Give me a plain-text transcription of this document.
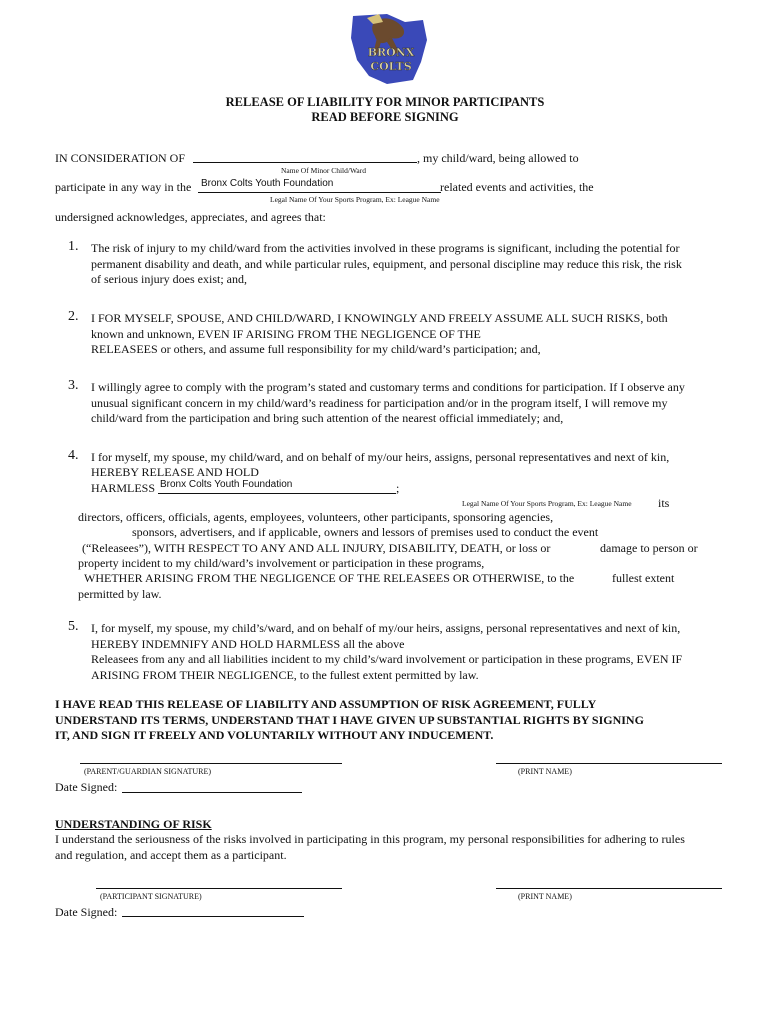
BRONX
COLTS
RELEASE OF LIABILITY FOR MINOR PARTICIPANTS
READ BEFORE SIGNING
IN CONSIDERATION OF	, my child/ward, being allowed to
Name Of Minor Child/Ward
participate in any way in the Bronx Colts Youth Foundation	related events and activities, the
Legal Name Of Your Sports Program, Ex: League Name
undersigned acknowledges, appreciates, and agrees that:
1. The risk of injury to my child/ward from the activities involved in these programs is significant, including the potential for
permanent disability and death, and while particular rules, equipment, and personal discipline may reduce this risk, the risk
of serious injury does exist; and,
2. I FOR MYSELF, SPOUSE, AND CHILD/WARD, I KNOWINGLY AND FREELY ASSUME ALL SUCH RISKS, both
known and unknown, EVEN IF ARISING FROM THE NEGLIGENCE OF THE
RELEASEES or others, and assume full responsibility for my child/ward’s participation; and,
3. I willingly agree to comply with the program’s stated and customary terms and conditions for participation. If I observe any
unusual significant concern in my child/ward’s readiness for participation and/or in the program itself, I will remove my
child/ward from the participation and bring such attention of the nearest official immediately; and,
4. I for myself, my spouse, my child/ward, and on behalf of my/our heirs, assigns, personal representatives and next of kin,
HEREBY RELEASE AND HOLD
HARMLESS Bronx Colts Youth Foundation	;
Legal Name Of Your Sports Program, Ex: League Name its
directors, officers, officials, agents, employees, volunteers, other participants, sponsoring agencies,
sponsors, advertisers, and if applicable, owners and lessors of premises used to conduct the event
(“Releasees”), WITH RESPECT TO ANY AND ALL INJURY, DISABILITY, DEATH, or loss or	damage to person or
property incident to my child/ward’s involvement or participation in these programs,
WHETHER ARISING FROM THE NEGLIGENCE OF THE RELEASEES OR OTHERWISE, to the	fullest extent
permitted by law.
5. I, for myself, my spouse, my child’s/ward, and on behalf of my/our heirs, assigns, personal representatives and next of kin,
HEREBY INDEMNIFY AND HOLD HARMLESS all the above
Releasees from any and all liabilities incident to my child’s/ward involvement or participation in these programs, EVEN IF
ARISING FROM THEIR NEGLIGENCE, to the fullest extent permitted by law.
I HAVE READ THIS RELEASE OF LIABILITY AND ASSUMPTION OF RISK AGREEMENT, FULLY
UNDERSTAND ITS TERMS, UNDERSTAND THAT I HAVE GIVEN UP SUBSTANTIAL RIGHTS BY SIGNING
IT, AND SIGN IT FREELY AND VOLUNTARILY WITHOUT ANY INDUCEMENT.
(PARENT/GUARDIAN SIGNATURE)	(PRINT NAME)
Date Signed:
UNDERSTANDING OF RISK
I understand the seriousness of the risks involved in participating in this program, my personal responsibilities for adhering to rules
and regulation, and accept them as a participant.
(PARTICIPANT SIGNATURE)	(PRINT NAME)
Date Signed:
